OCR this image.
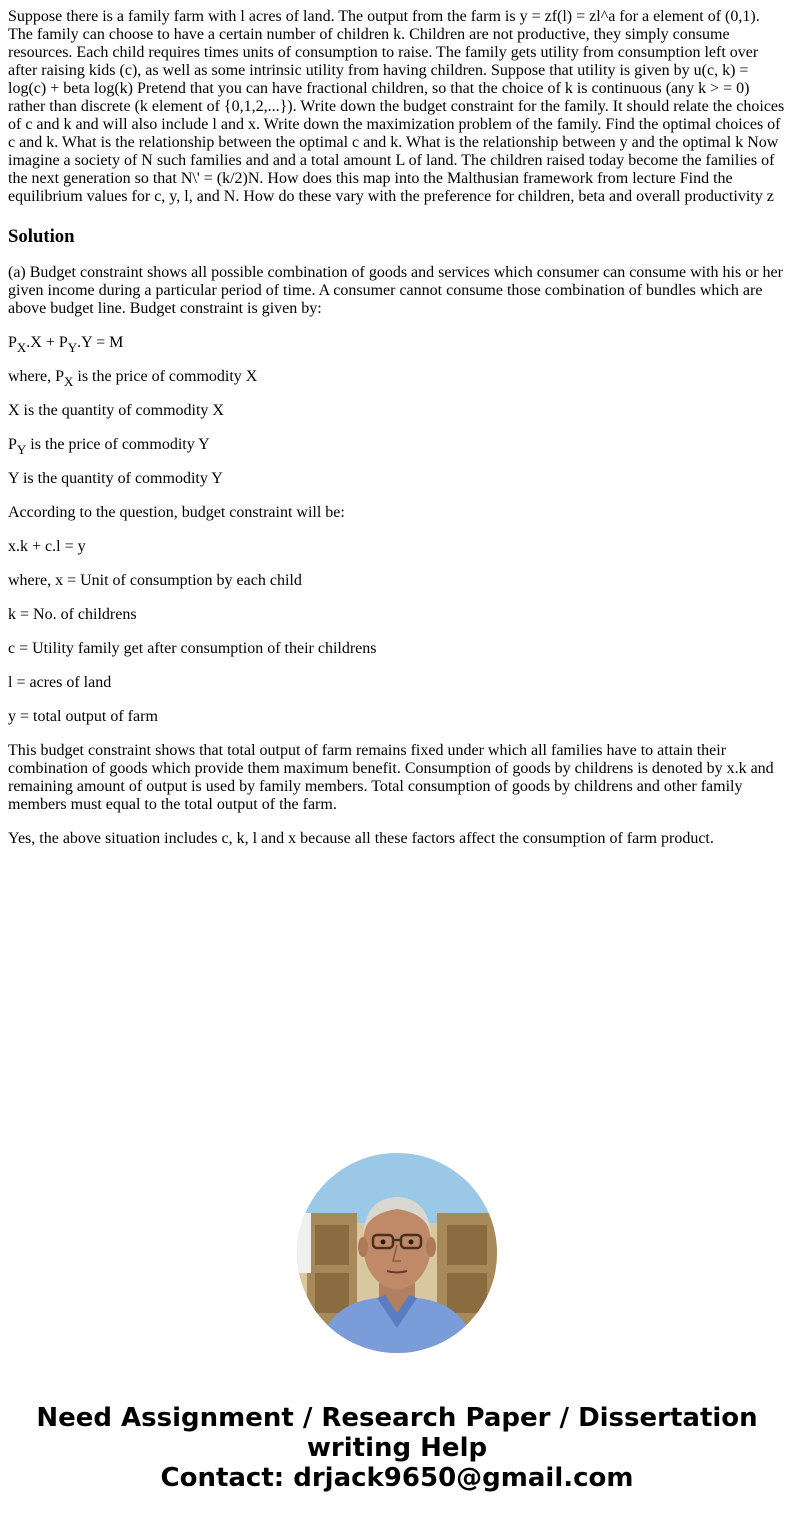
Suppose there is a family farm with l acres of land. The output from the farm is y = zf(l) = zl^a for a element of (0,1). The family can choose to have a certain number of children k. Children are not productive, they simply consume resources. Each child requires times units of consumption to raise. The family gets utility from consumption left over after raising kids (c), as well as some intrinsic utility from having children. Suppose that utility is given by u(c, k) = log(c) + beta log(k) Pretend that you can have fractional children, so that the choice of k is continuous (any k > = 0) rather than discrete (k element of {0,1,2,...}). Write down the budget constraint for the family. It should relate the choices of c and k and will also include l and x. Write down the maximization problem of the family. Find the optimal choices of c and k. What is the relationship between the optimal c and k. What is the relationship between y and the optimal k Now imagine a society of N such families and and a total amount L of land. The children raised today become the families of the next generation so that N\' = (k/2)N. How does this map into the Malthusian framework from lecture Find the equilibrium values for c, y, l, and N. How do these vary with the preference for children, beta and overall productivity z

Solution

(a) Budget constraint shows all possible combination of goods and services which consumer can consume with his or her given income during a particular period of time. A consumer cannot consume those combination of bundles which are above budget line. Budget constraint is given by:

$P_X.X + P_Y.Y = M$

where, $P_X$ is the price of commodity X

X is the quantity of commodity X

$P_Y$ is the price of commodity Y

Y is the quantity of commodity Y

According to the question, budget constraint will be:

x.k + c.l = y

where, x = Unit of consumption by each child

k = No. of childrens

c = Utility family get after consumption of their childrens

l = acres of land

y = total output of farm

This budget constraint shows that total output of farm remains fixed under which all families have to attain their combination of goods which provide them maximum benefit. Consumption of goods by childrens is denoted by x.k and remaining amount of output is used by family members. Total consumption of goods by childrens and other family members must equal to the total output of the farm.

Yes, the above situation includes c, k, l and x because all these factors affect the consumption of farm product.

Need Assignment / Research Paper / Dissertation
writing Help
Contact: drjack9650@gmail.com
